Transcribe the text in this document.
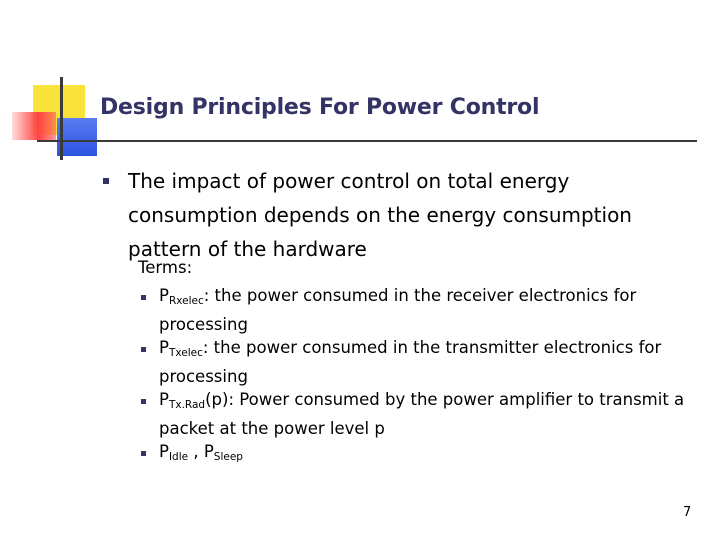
Design Principles For Power Control
The impact of power control on total energy consumption depends on the energy consumption pattern of the hardware
Terms:
$P_{Rxelec}$: the power consumed in the receiver electronics for processing
$P_{Txelec}$: the power consumed in the transmitter electronics for processing
$P_{Tx.Rad}(p)$: Power consumed by the power amplifier to transmit a packet at the power level p
$P_{Idle}$ , $P_{Sleep}$
7
